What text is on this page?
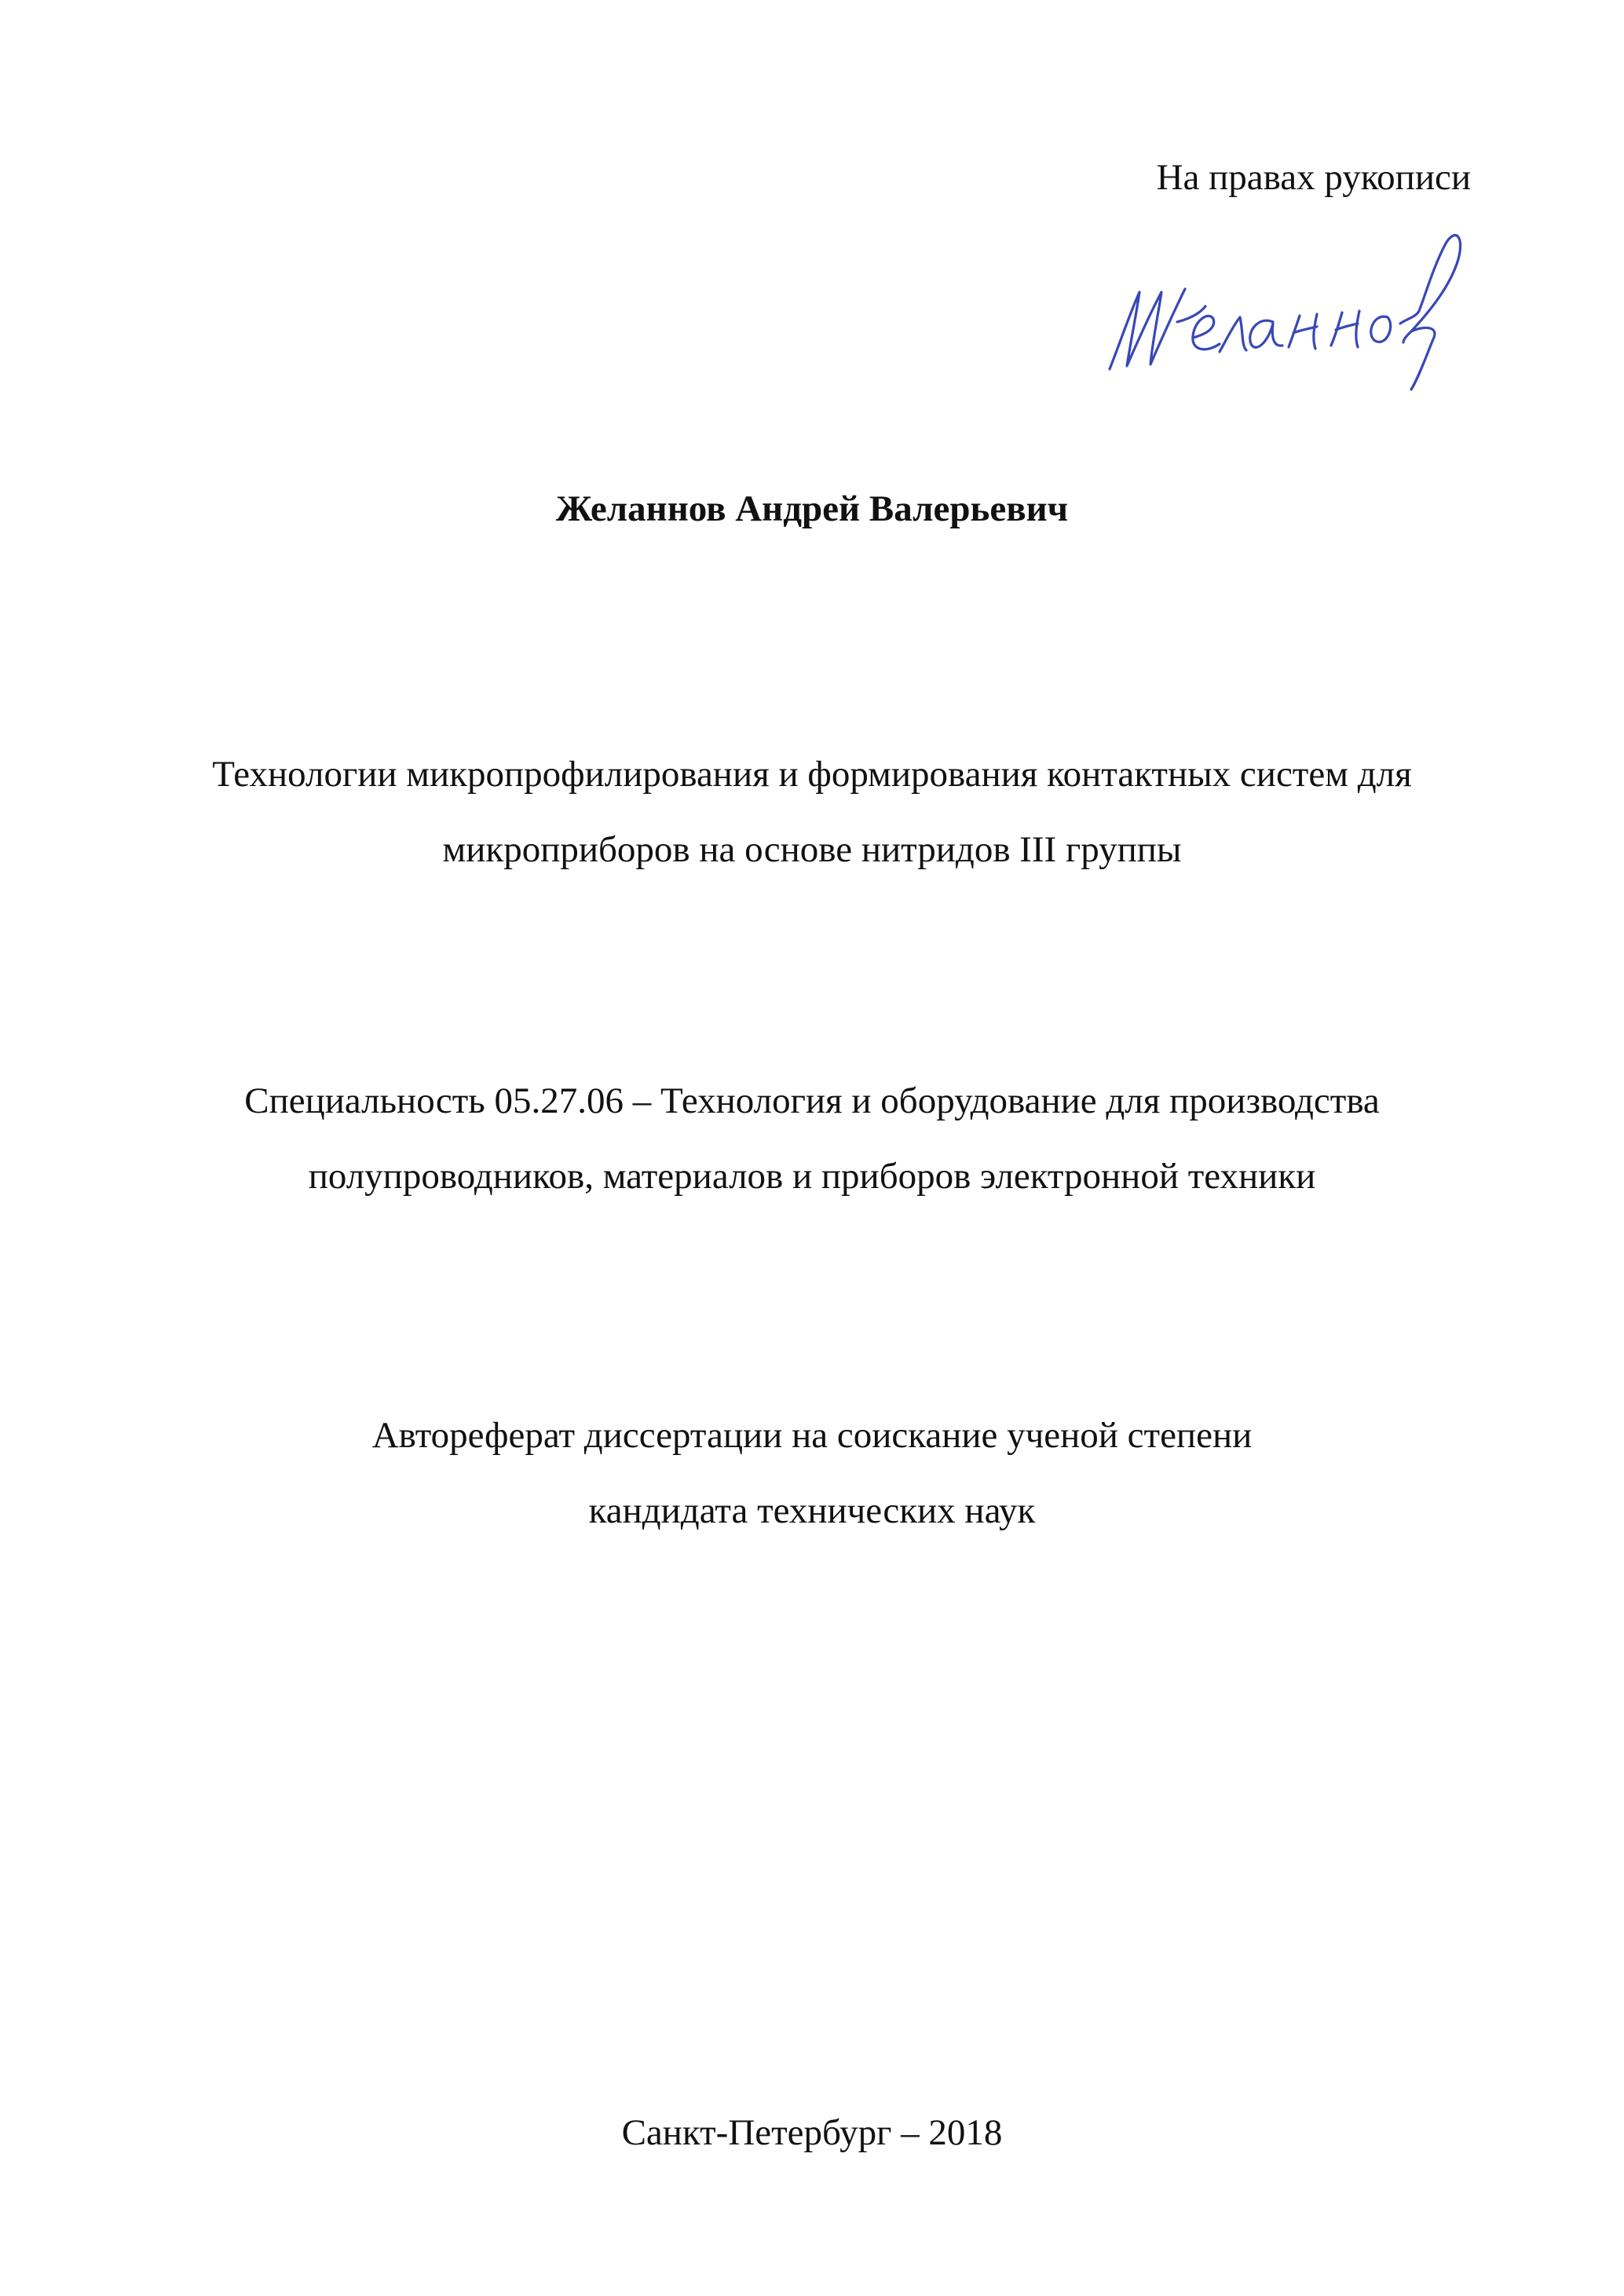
На правах рукописи
Желаннов Андрей Валерьевич
Технологии микропрофилирования и формирования контактных систем для
микроприборов на основе нитридов III группы
Специальность 05.27.06 – Технология и оборудование для производства
полупроводников, материалов и приборов электронной техники
Автореферат диссертации на соискание ученой степени
кандидата технических наук
Санкт-Петербург – 2018
